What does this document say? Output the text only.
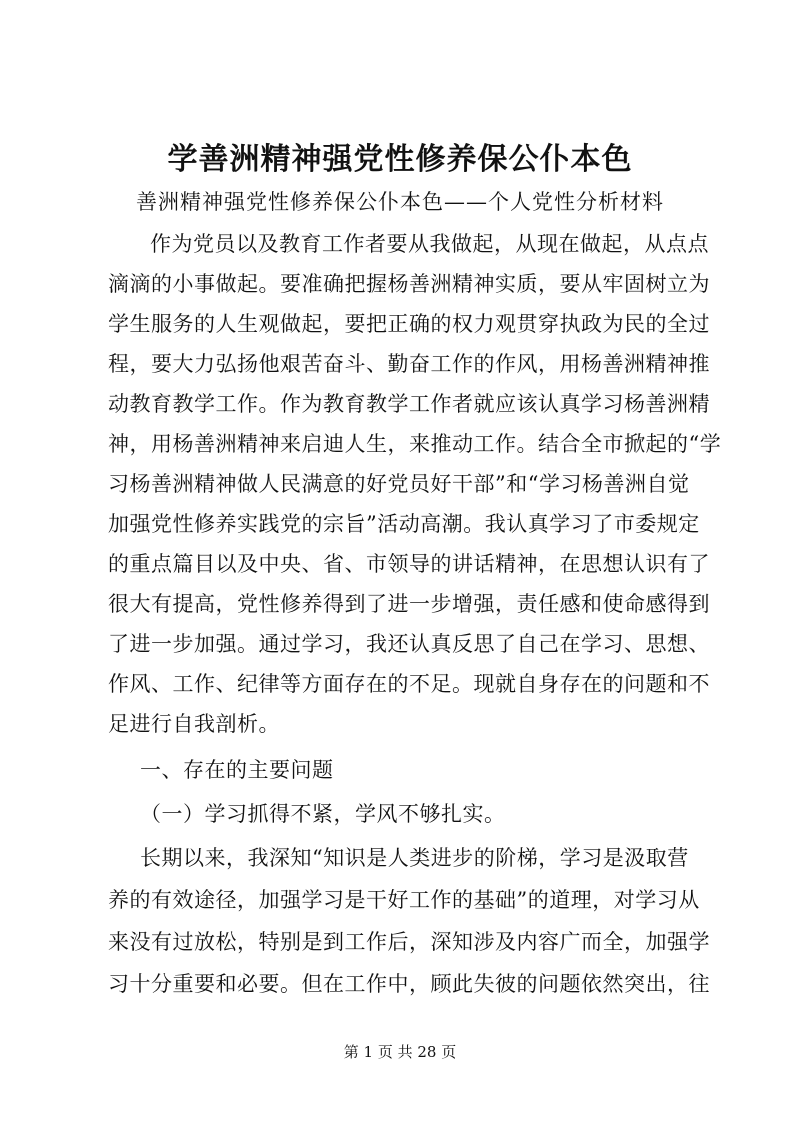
学善洲精神强党性修养保公仆本色
善洲精神强党性修养保公仆本色——个人党性分析材料
作为党员以及教育工作者要从我做起，从现在做起，从点点
滴滴的小事做起。要准确把握杨善洲精神实质，要从牢固树立为
学生服务的人生观做起，要把正确的权力观贯穿执政为民的全过
程，要大力弘扬他艰苦奋斗、勤奋工作的作风，用杨善洲精神推
动教育教学工作。作为教育教学工作者就应该认真学习杨善洲精
神，用杨善洲精神来启迪人生，来推动工作。结合全市掀起的“学
习杨善洲精神做人民满意的好党员好干部”和“学习杨善洲自觉
加强党性修养实践党的宗旨”活动高潮。我认真学习了市委规定
的重点篇目以及中央、省、市领导的讲话精神，在思想认识有了
很大有提高，党性修养得到了进一步增强，责任感和使命感得到
了进一步加强。通过学习，我还认真反思了自己在学习、思想、
作风、工作、纪律等方面存在的不足。现就自身存在的问题和不
足进行自我剖析。
一、存在的主要问题
（一）学习抓得不紧，学风不够扎实。
长期以来，我深知“知识是人类进步的阶梯，学习是汲取营
养的有效途径，加强学习是干好工作的基础”的道理，对学习从
来没有过放松，特别是到工作后，深知涉及内容广而全，加强学
习十分重要和必要。但在工作中，顾此失彼的问题依然突出，往
第 1 页 共 28 页
